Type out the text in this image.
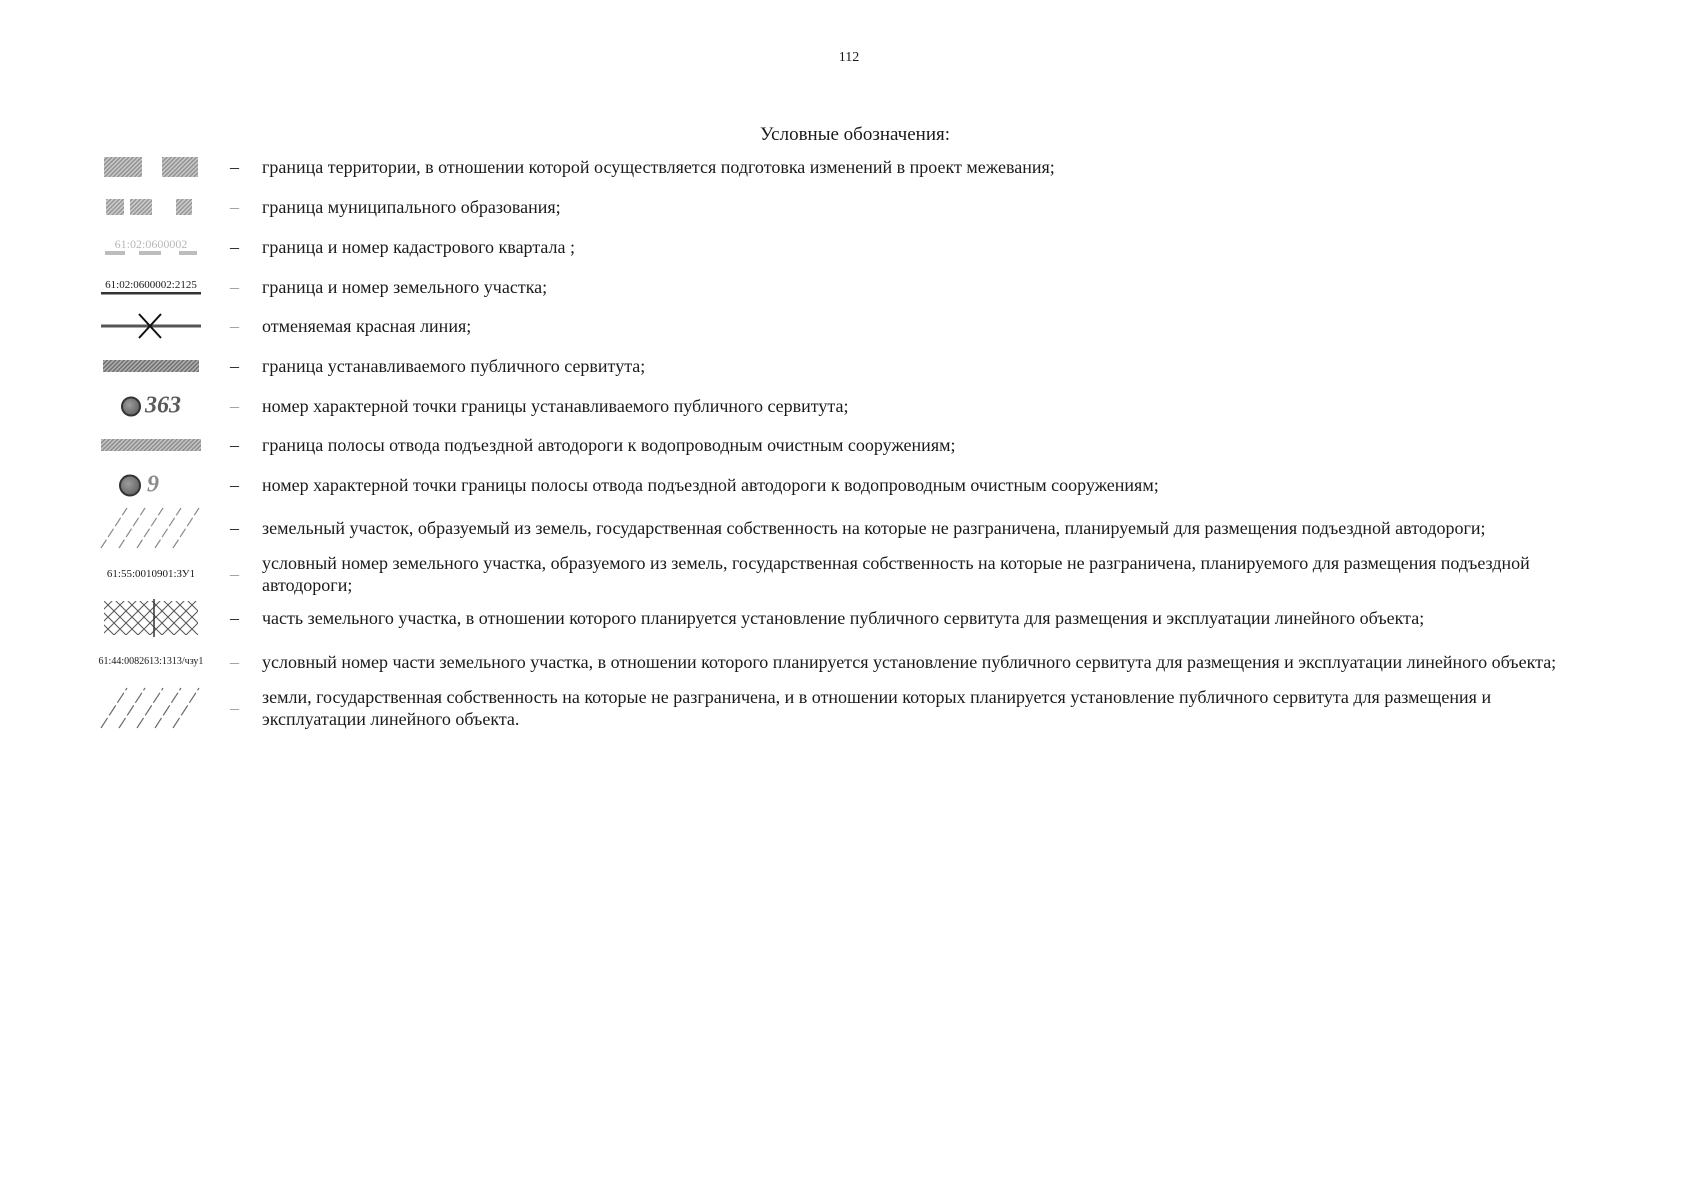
112
Условные обозначения:
– граница территории, в отношении которой осуществляется подготовка изменений в проект межевания;
– граница муниципального образования;
61:02:0600002 – граница и номер кадастрового квартала ;
61:02:0600002:2125 – граница и номер земельного участка;
– отменяемая красная линия;
– граница устанавливаемого публичного сервитута;
363	– номер характерной точки границы устанавливаемого публичного сервитута;
– граница полосы отвода подъездной автодороги к водопроводным очистным сооружениям;
9	– номер характерной точки границы полосы отвода подъездной автодороги к водопроводным очистным сооружениям;
– земельный участок, образуемый из земель, государственная собственность на которые не разграничена, планируемый для размещения подъездной автодороги;
61:55:0010901:ЗУ1 –
условный номер земельного участка, образуемого из земель, государственная собственность на которые не разграничена, планируемого для размещения подъездной автодороги;
– часть земельного участка, в отношении которого планируется установление публичного сервитута для размещения и эксплуатации линейного объекта;
61:44:0082613:1313/чзу1 – условный номер части земельного участка, в отношении которого планируется установление публичного сервитута для размещения и эксплуатации линейного объекта;
–
земли, государственная собственность на которые не разграничена, и в отношении которых планируется установление публичного сервитута для размещения и эксплуатации линейного объекта.
